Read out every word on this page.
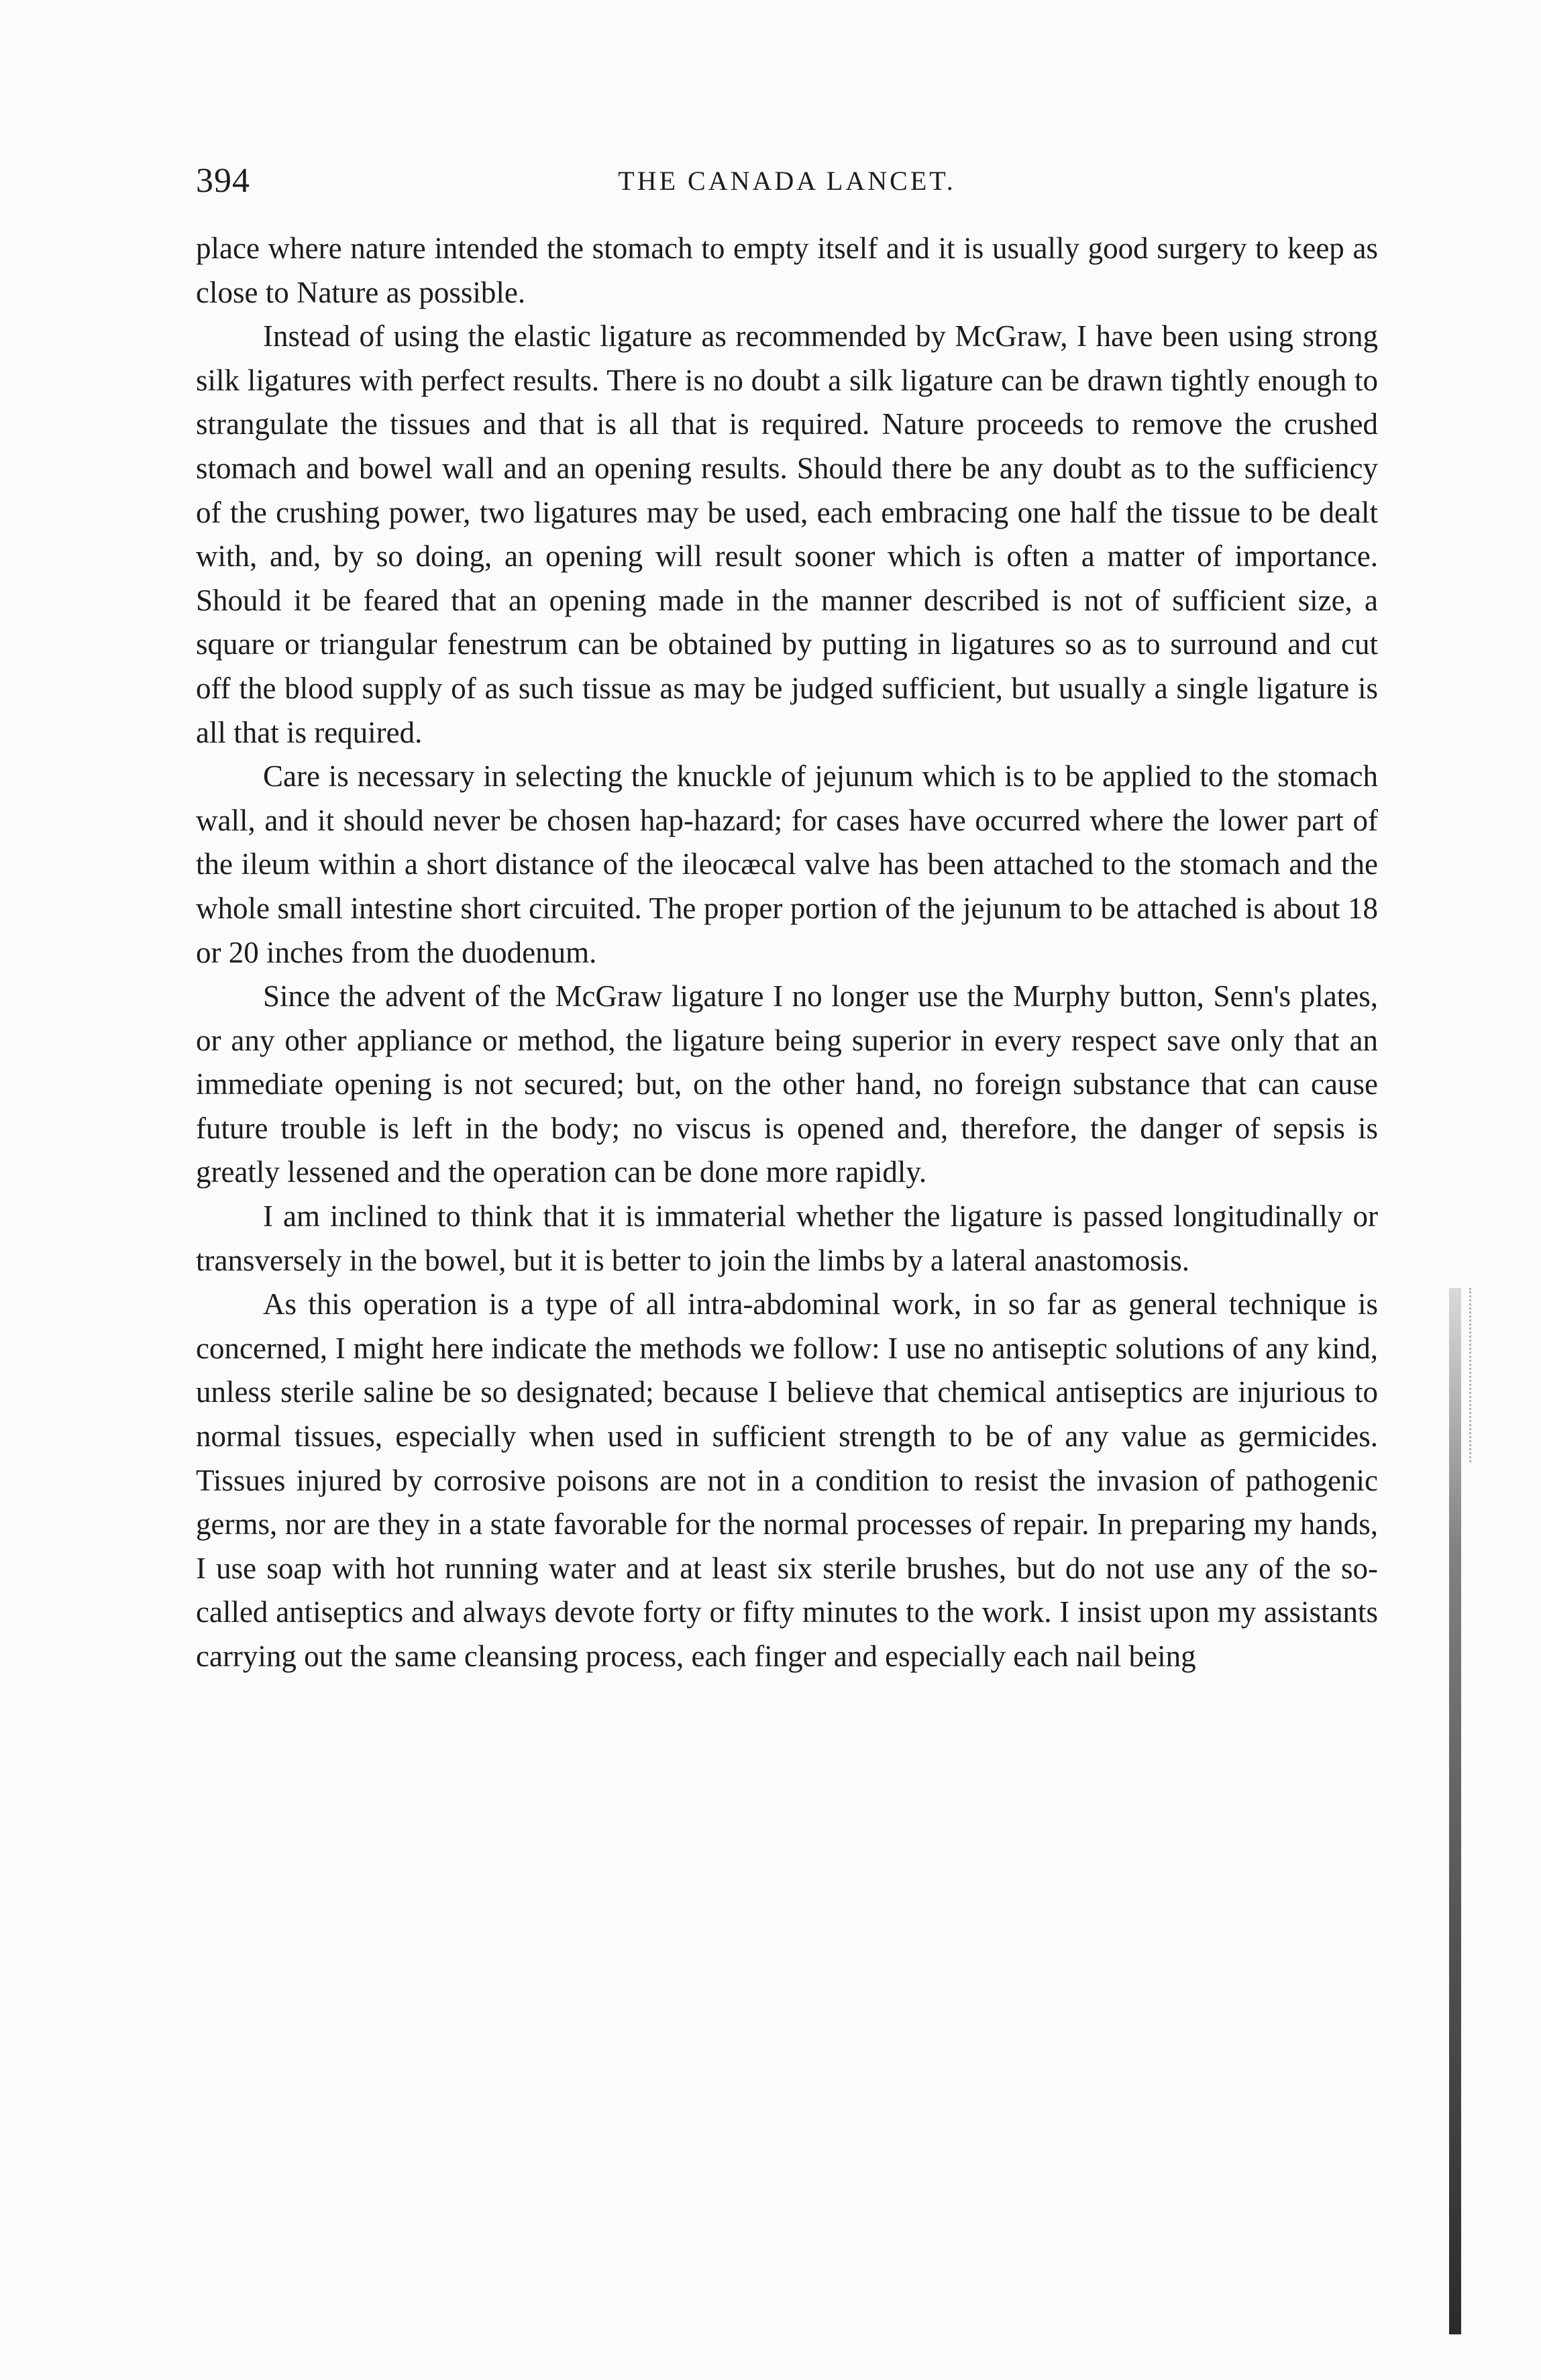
394	THE CANADA LANCET.

place where nature intended the stomach to empty itself and it is usually good surgery to keep as close to Nature as possible.

Instead of using the elastic ligature as recommended by McGraw, I have been using strong silk ligatures with perfect results. There is no doubt a silk ligature can be drawn tightly enough to strangulate the tissues and that is all that is required. Nature proceeds to remove the crushed stomach and bowel wall and an opening results. Should there be any doubt as to the sufficiency of the crushing power, two ligatures may be used, each embracing one half the tissue to be dealt with, and, by so doing, an opening will result sooner which is often a matter of importance. Should it be feared that an opening made in the manner described is not of sufficient size, a square or triangular fenestrum can be obtained by putting in ligatures so as to surround and cut off the blood supply of as such tissue as may be judged sufficient, but usually a single ligature is all that is required.

Care is necessary in selecting the knuckle of jejunum which is to be applied to the stomach wall, and it should never be chosen hap-hazard; for cases have occurred where the lower part of the ileum within a short distance of the ileocæcal valve has been attached to the stomach and the whole small intestine short circuited. The proper portion of the jejunum to be attached is about 18 or 20 inches from the duodenum.

Since the advent of the McGraw ligature I no longer use the Murphy button, Senn's plates, or any other appliance or method, the ligature being superior in every respect save only that an immediate opening is not secured; but, on the other hand, no foreign substance that can cause future trouble is left in the body; no viscus is opened and, therefore, the danger of sepsis is greatly lessened and the operation can be done more rapidly.

I am inclined to think that it is immaterial whether the ligature is passed longitudinally or transversely in the bowel, but it is better to join the limbs by a lateral anastomosis.

As this operation is a type of all intra-abdominal work, in so far as general technique is concerned, I might here indicate the methods we follow: I use no antiseptic solutions of any kind, unless sterile saline be so designated; because I believe that chemical antiseptics are injurious to normal tissues, especially when used in sufficient strength to be of any value as germicides. Tissues injured by corrosive poisons are not in a condition to resist the invasion of pathogenic germs, nor are they in a state favorable for the normal processes of repair. In preparing my hands, I use soap with hot running water and at least six sterile brushes, but do not use any of the so-called antiseptics and always devote forty or fifty minutes to the work. I insist upon my assistants carrying out the same cleansing process, each finger and especially each nail being
